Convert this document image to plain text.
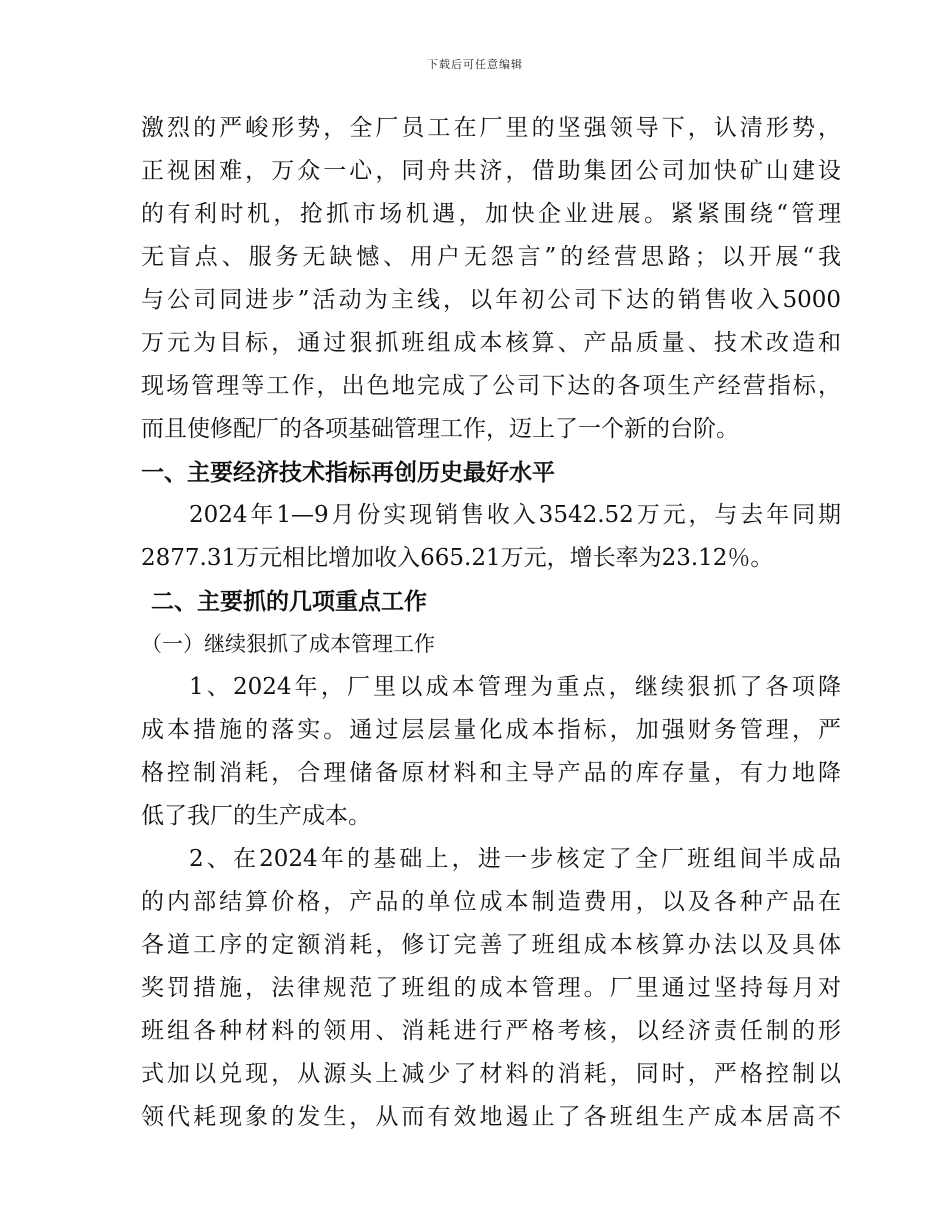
下载后可任意编辑
激烈的严峻形势，全厂员工在厂里的坚强领导下，认清形势，
正视困难，万众一心，同舟共济，借助集团公司加快矿山建设
的有利时机，抢抓市场机遇，加快企业进展。紧紧围绕“管理
无盲点、服务无缺憾、用户无怨言”的经营思路；以开展“我
与公司同进步”活动为主线，以年初公司下达的销售收入5000
万元为目标，通过狠抓班组成本核算、产品质量、技术改造和
现场管理等工作，出色地完成了公司下达的各项生产经营指标，
而且使修配厂的各项基础管理工作，迈上了一个新的台阶。
一、主要经济技术指标再创历史最好水平
2024年1—9月份实现销售收入3542.52万元，与去年同期
2877.31万元相比增加收入665.21万元，增长率为23.12％。
二、主要抓的几项重点工作
（一）继续狠抓了成本管理工作
1、2024年，厂里以成本管理为重点，继续狠抓了各项降
成本措施的落实。通过层层量化成本指标，加强财务管理，严
格控制消耗，合理储备原材料和主导产品的库存量，有力地降
低了我厂的生产成本。
2、在2024年的基础上，进一步核定了全厂班组间半成品
的内部结算价格，产品的单位成本制造费用，以及各种产品在
各道工序的定额消耗，修订完善了班组成本核算办法以及具体
奖罚措施，法律规范了班组的成本管理。厂里通过坚持每月对
班组各种材料的领用、消耗进行严格考核，以经济责任制的形
式加以兑现，从源头上减少了材料的消耗，同时，严格控制以
领代耗现象的发生，从而有效地遏止了各班组生产成本居高不
